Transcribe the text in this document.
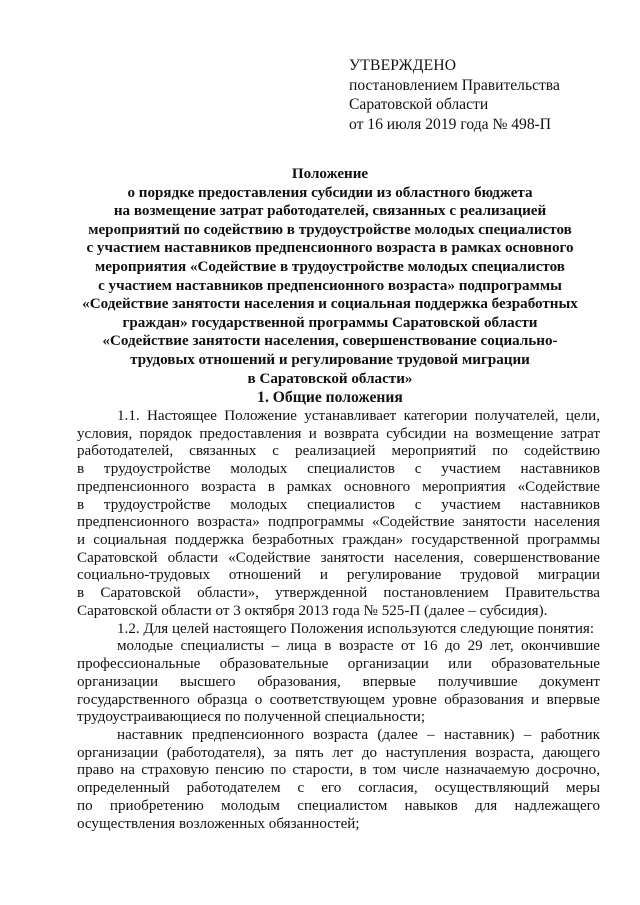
УТВЕРЖДЕНО
постановлением Правительства
Саратовской области
от 16 июля 2019 года № 498-П
Положение
о порядке предоставления субсидии из областного бюджета
на возмещение затрат работодателей, связанных с реализацией
мероприятий по содействию в трудоустройстве молодых специалистов
с участием наставников предпенсионного возраста в рамках основного
мероприятия «Содействие в трудоустройстве молодых специалистов
с участием наставников предпенсионного возраста» подпрограммы
«Содействие занятости населения и социальная поддержка безработных
граждан» государственной программы Саратовской области
«Содействие занятости населения, совершенствование социально-
трудовых отношений и регулирование трудовой миграции
в Саратовской области»
1. Общие положения
1.1. Настоящее Положение устанавливает категории получателей, цели,
условия, порядок предоставления и возврата субсидии на возмещение затрат
работодателей, связанных с реализацией мероприятий по содействию
в трудоустройстве молодых специалистов с участием наставников
предпенсионного возраста в рамках основного мероприятия «Содействие
в трудоустройстве молодых специалистов с участием наставников
предпенсионного возраста» подпрограммы «Содействие занятости населения
и социальная поддержка безработных граждан» государственной программы
Саратовской области «Содействие занятости населения, совершенствование
социально-трудовых отношений и регулирование трудовой миграции
в Саратовской области», утвержденной постановлением Правительства
Саратовской области от 3 октября 2013 года № 525-П (далее – субсидия).
1.2. Для целей настоящего Положения используются следующие понятия:
молодые специалисты – лица в возрасте от 16 до 29 лет, окончившие
профессиональные образовательные организации или образовательные
организации высшего образования, впервые получившие документ
государственного образца о соответствующем уровне образования и впервые
трудоустраивающиеся по полученной специальности;
наставник предпенсионного возраста (далее – наставник) – работник
организации (работодателя), за пять лет до наступления возраста, дающего
право на страховую пенсию по старости, в том числе назначаемую досрочно,
определенный работодателем с его согласия, осуществляющий меры
по приобретению молодым специалистом навыков для надлежащего
осуществления возложенных обязанностей;
